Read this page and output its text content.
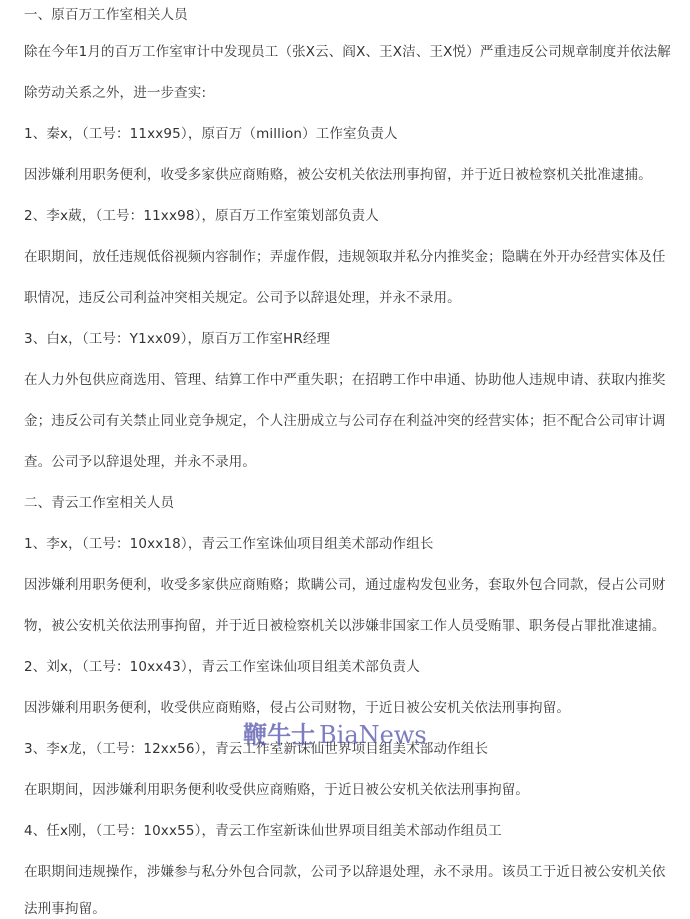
一、原百万工作室相关人员
除在今年1月的百万工作室审计中发现员工（张X云、阎X、王X洁、王X悦）严重违反公司规章制度并依法解
除劳动关系之外，进一步查实:
1、秦x，（工号：11xx95），原百万（million）工作室负责人
因涉嫌利用职务便利，收受多家供应商贿赂，被公安机关依法刑事拘留，并于近日被检察机关批准逮捕。
2、李x葳，（工号：11xx98），原百万工作室策划部负责人
在职期间，放任违规低俗视频内容制作；弄虚作假，违规领取并私分内推奖金；隐瞒在外开办经营实体及任
职情况，违反公司利益冲突相关规定。公司予以辞退处理，并永不录用。
3、白x，（工号：Y1xx09），原百万工作室HR经理
在人力外包供应商选用、管理、结算工作中严重失职；在招聘工作中串通、协助他人违规申请、获取内推奖
金；违反公司有关禁止同业竞争规定，个人注册成立与公司存在利益冲突的经营实体；拒不配合公司审计调
查。公司予以辞退处理，并永不录用。
二、青云工作室相关人员
1、李x，（工号：10xx18），青云工作室诛仙项目组美术部动作组长
因涉嫌利用职务便利，收受多家供应商贿赂；欺瞒公司，通过虚构发包业务，套取外包合同款，侵占公司财
物，被公安机关依法刑事拘留，并于近日被检察机关以涉嫌非国家工作人员受贿罪、职务侵占罪批准逮捕。
2、刘x，（工号：10xx43），青云工作室诛仙项目组美术部负责人
因涉嫌利用职务便利，收受供应商贿赂，侵占公司财物，于近日被公安机关依法刑事拘留。
3、李x龙，（工号：12xx56），青云工作室新诛仙世界项目组美术部动作组长
在职期间，因涉嫌利用职务便利收受供应商贿赂，于近日被公安机关依法刑事拘留。
4、任x刚，（工号：10xx55），青云工作室新诛仙世界项目组美术部动作组员工
在职期间违规操作，涉嫌参与私分外包合同款，公司予以辞退处理，永不录用。该员工于近日被公安机关依
法刑事拘留。
鞭牛士 BiaNews
